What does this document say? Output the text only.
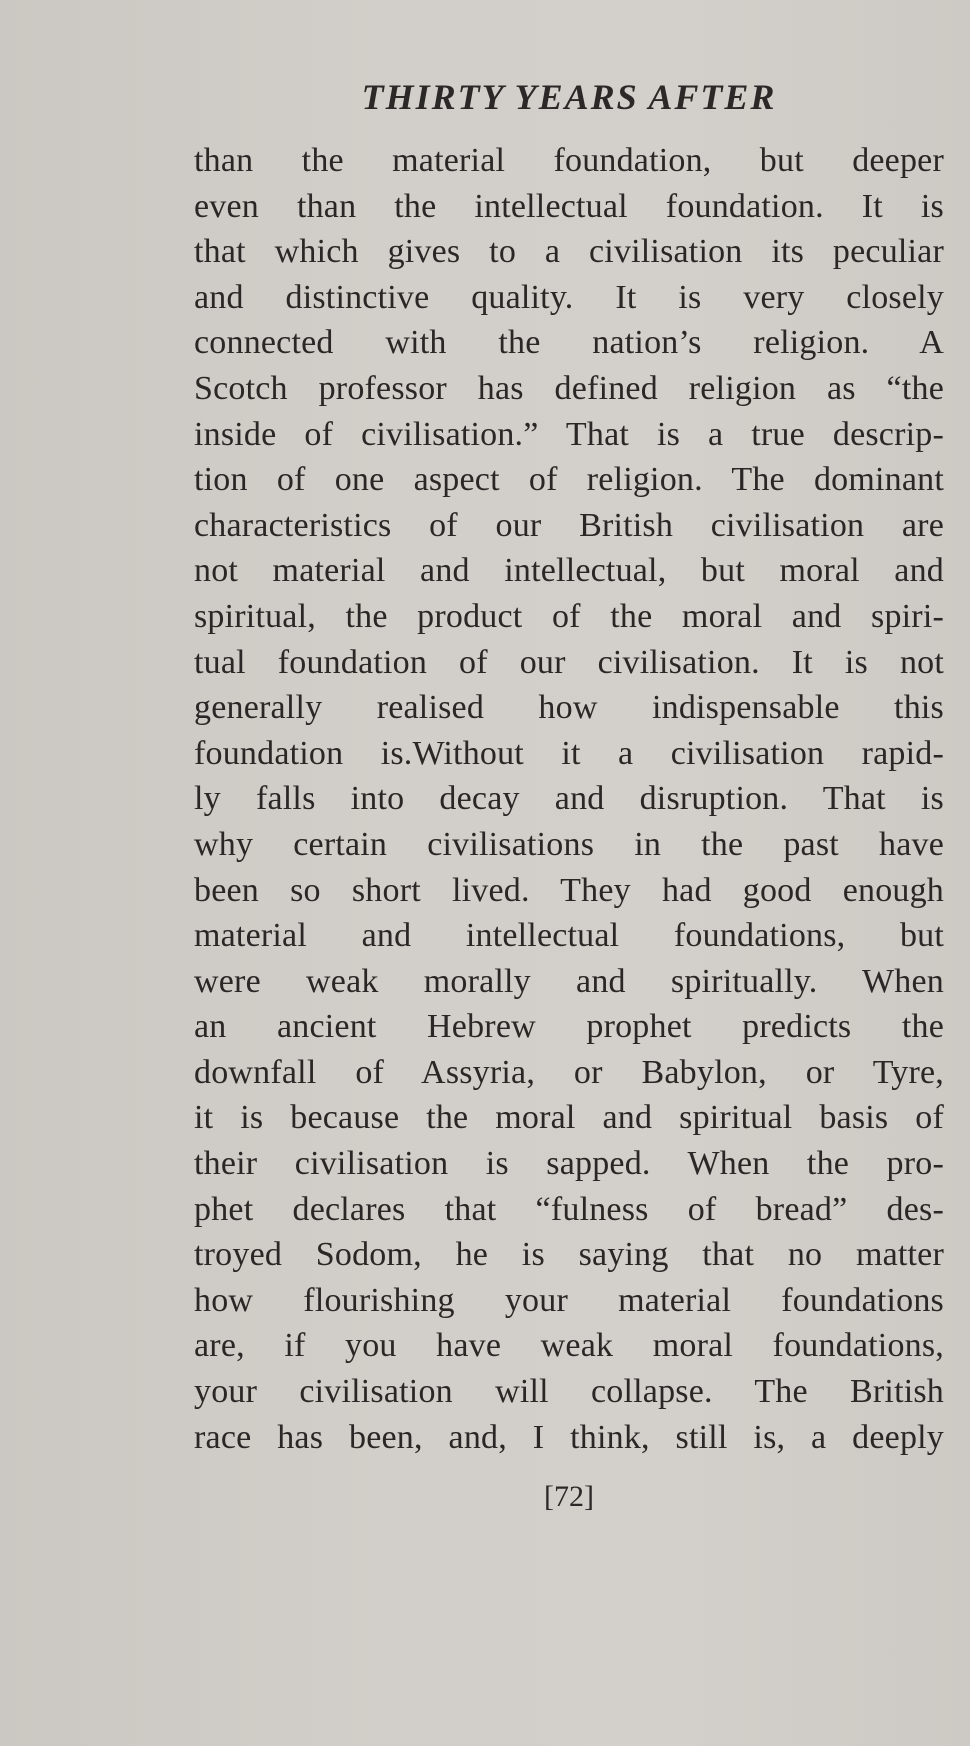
THIRTY YEARS AFTER
than the material foundation, but deeper
even than the intellectual foundation. It is
that which gives to a civilisation its peculiar
and distinctive quality. It is very closely
connected with the nation’s religion. A
Scotch professor has defined religion as “the
inside of civilisation.” That is a true descrip-
tion of one aspect of religion. The dominant
characteristics of our British civilisation are
not material and intellectual, but moral and
spiritual, the product of the moral and spiri-
tual foundation of our civilisation. It is not
generally realised how indispensable this
foundation is.Without it a civilisation rapid-
ly falls into decay and disruption. That is
why certain civilisations in the past have
been so short lived. They had good enough
material and intellectual foundations, but
were weak morally and spiritually. When
an ancient Hebrew prophet predicts the
downfall of Assyria, or Babylon, or Tyre,
it is because the moral and spiritual basis of
their civilisation is sapped. When the pro-
phet declares that “fulness of bread” des-
troyed Sodom, he is saying that no matter
how flourishing your material foundations
are, if you have weak moral foundations,
your civilisation will collapse. The British
race has been, and, I think, still is, a deeply
[72]
